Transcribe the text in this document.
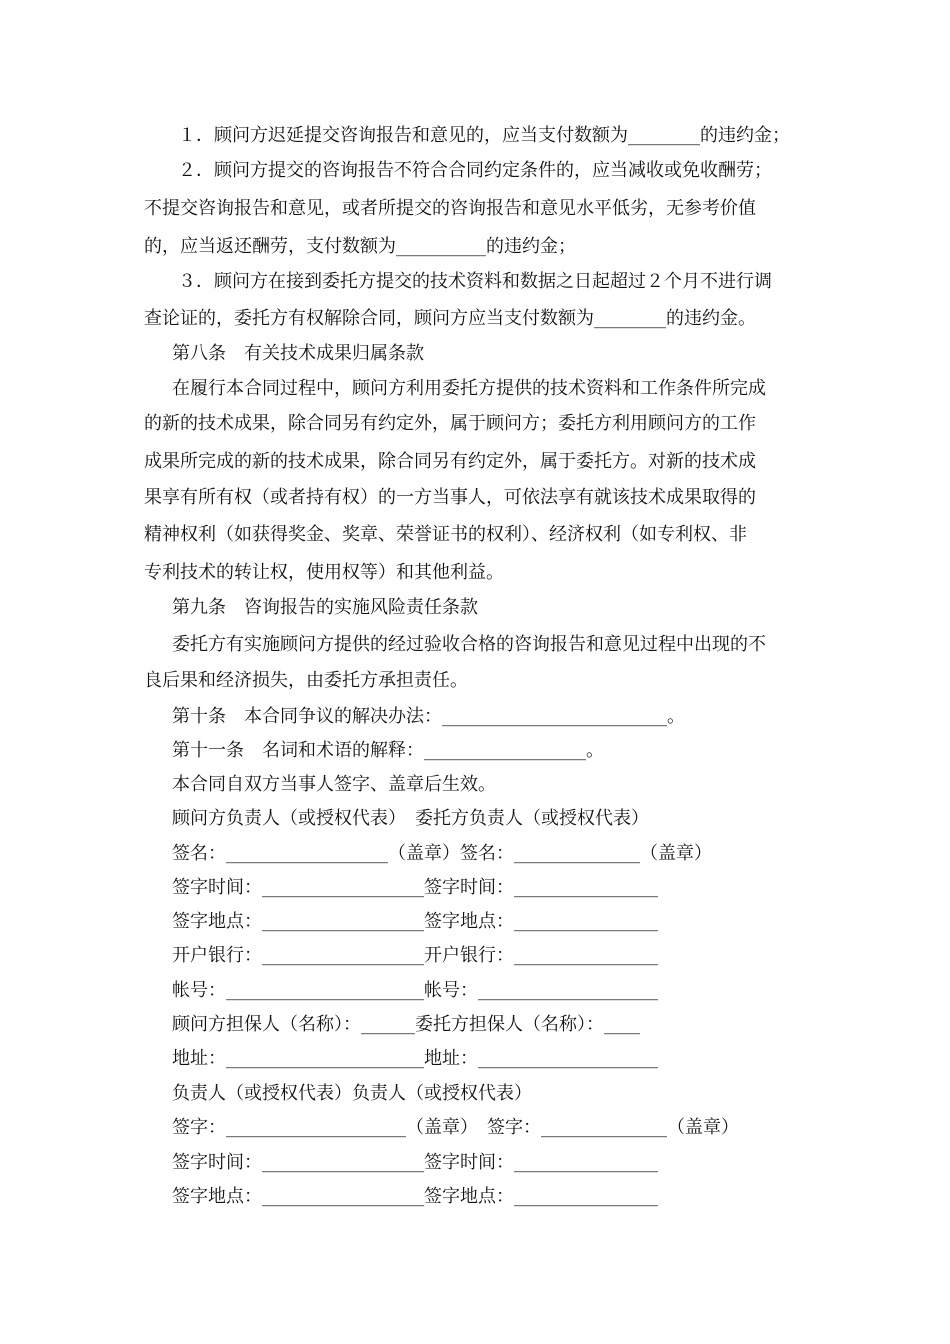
１．顾问方迟延提交咨询报告和意见的，应当支付数额为________的违约金；
２．顾问方提交的咨询报告不符合合同约定条件的，应当减收或免收酬劳；
不提交咨询报告和意见，或者所提交的咨询报告和意见水平低劣，无参考价值
的，应当返还酬劳，支付数额为__________的违约金；
３．顾问方在接到委托方提交的技术资料和数据之日起超过２个月不进行调
查论证的，委托方有权解除合同，顾问方应当支付数额为________的违约金。
第八条　有关技术成果归属条款
在履行本合同过程中，顾问方利用委托方提供的技术资料和工作条件所完成
的新的技术成果，除合同另有约定外，属于顾问方；委托方利用顾问方的工作
成果所完成的新的技术成果，除合同另有约定外，属于委托方。对新的技术成
果享有所有权（或者持有权）的一方当事人，可依法享有就该技术成果取得的
精神权利（如获得奖金、奖章、荣誉证书的权利）、经济权利（如专利权、非
专利技术的转让权，使用权等）和其他利益。
第九条　咨询报告的实施风险责任条款
委托方有实施顾问方提供的经过验收合格的咨询报告和意见过程中出现的不
良后果和经济损失，由委托方承担责任。
第十条　本合同争议的解决办法：_________________________。
第十一条　名词和术语的解释：__________________。
本合同自双方当事人签字、盖章后生效。
顾问方负责人（或授权代表）　委托方负责人（或授权代表）
签名：__________________（盖章）签名：______________（盖章）
签字时间：__________________签字时间：________________
签字地点：__________________签字地点：________________
开户银行：__________________开户银行：________________
帐号：______________________帐号：____________________
顾问方担保人（名称）：______委托方担保人（名称）：____
地址：______________________地址：____________________
负责人（或授权代表）负责人（或授权代表）
签字：____________________（盖章）　签字：______________（盖章）
签字时间：__________________签字时间：________________
签字地点：__________________签字地点：________________
